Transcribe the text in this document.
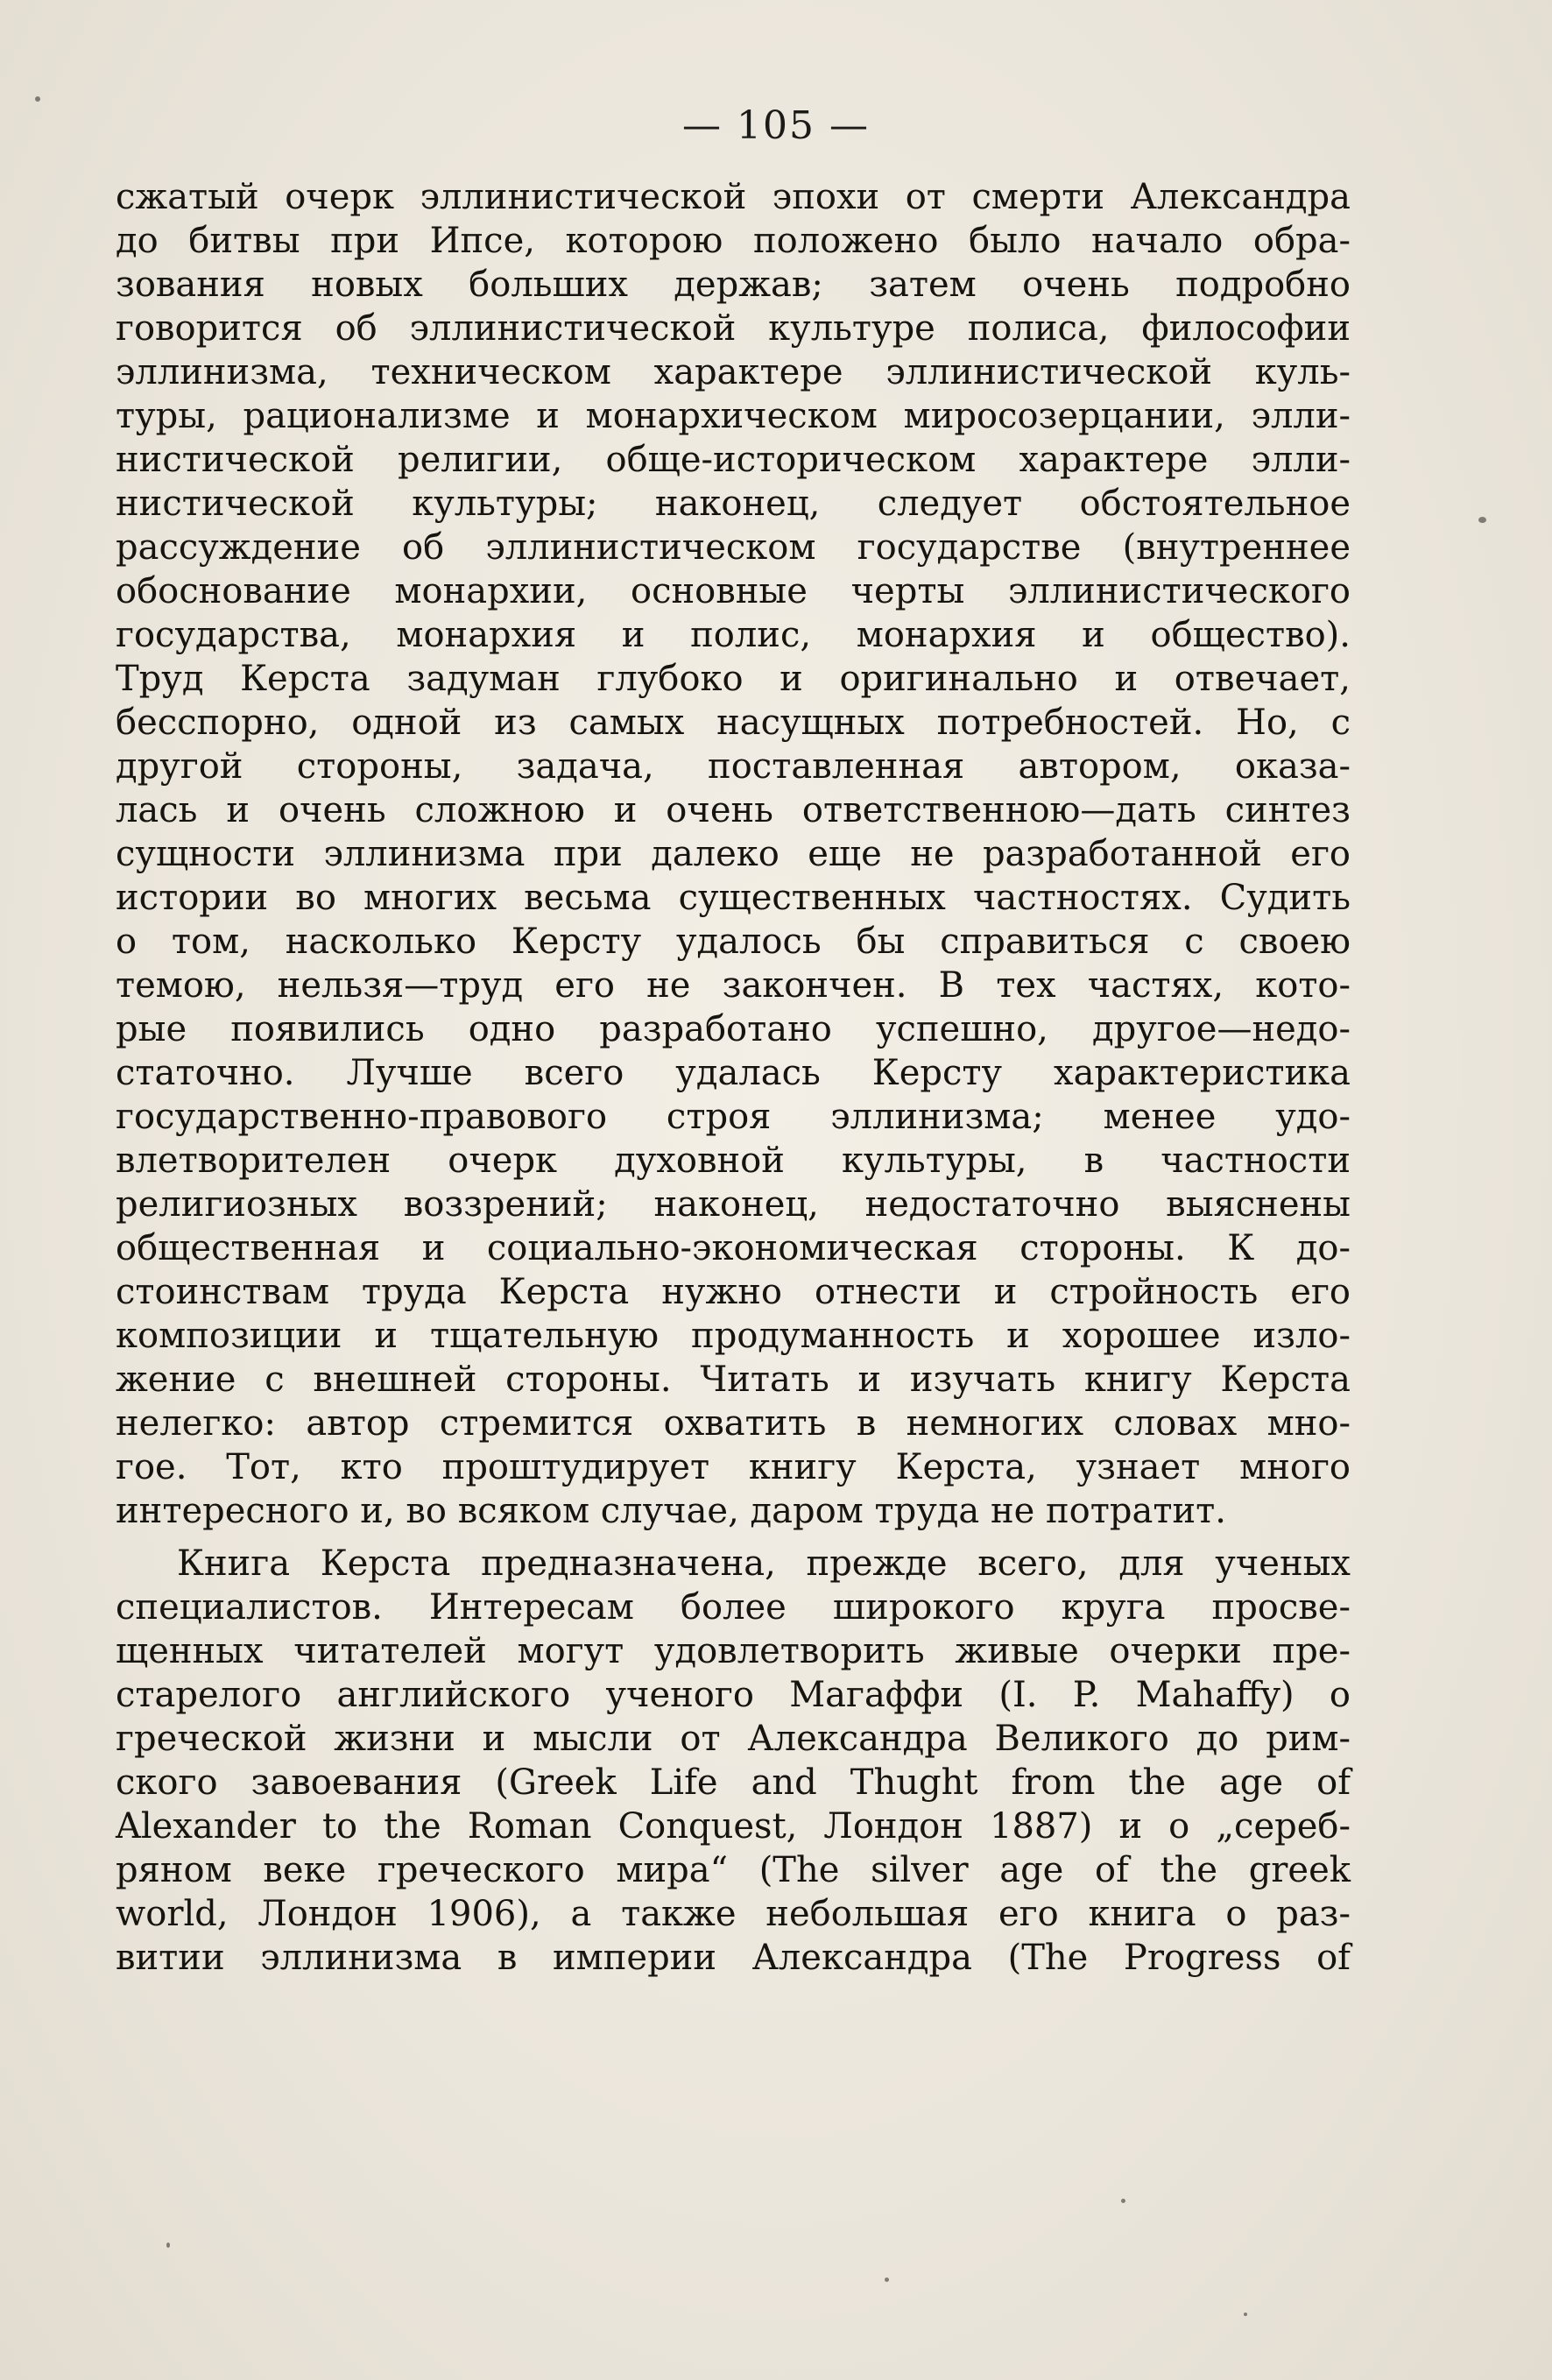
— 105 —
сжатый очерк эллинистической эпохи от смерти Александра
до битвы при Ипсе, которою положено было начало обра-
зования новых больших держав; затем очень подробно
говорится об эллинистической культуре полиса, философии
эллинизма, техническом характере эллинистической куль-
туры, рационализме и монархическом миросозерцании, элли-
нистической религии, обще-историческом характере элли-
нистической культуры; наконец, следует обстоятельное
рассуждение об эллинистическом государстве (внутреннее
обоснование монархии, основные черты эллинистического
государства, монархия и полис, монархия и общество).
Труд Керста задуман глубоко и оригинально и отвечает,
бесспорно, одной из самых насущных потребностей. Но, с
другой стороны, задача, поставленная автором, оказа-
лась и очень сложною и очень ответственною—дать синтез
сущности эллинизма при далеко еще не разработанной его
истории во многих весьма существенных частностях. Судить
о том, насколько Керсту удалось бы справиться с своею
темою, нельзя—труд его не закончен. В тех частях, кото-
рые появились одно разработано успешно, другое—недо-
статочно. Лучше всего удалась Керсту характеристика
государственно-правового строя эллинизма; менее удо-
влетворителен очерк духовной культуры, в частности
религиозных воззрений; наконец, недостаточно выяснены
общественная и социально-экономическая стороны. К до-
стоинствам труда Керста нужно отнести и стройность его
композиции и тщательную продуманность и хорошее изло-
жение с внешней стороны. Читать и изучать книгу Керста
нелегко: автор стремится охватить в немногих словах мно-
гое. Тот, кто проштудирует книгу Керста, узнает много
интересного и, во всяком случае, даром труда не потратит.
Книга Керста предназначена, прежде всего, для ученых
специалистов. Интересам более широкого круга просве-
щенных читателей могут удовлетворить живые очерки пре-
старелого английского ученого Магаффи (I. P. Mahaffy) о
греческой жизни и мысли от Александра Великого до рим-
ского завоевания (Greek Life and Thught from the age of
Alexander to the Roman Conquest, Лондон 1887) и о „сереб-
ряном веке греческого мира“ (The silver age of the greek
world, Лондон 1906), а также небольшая его книга о раз-
витии эллинизма в империи Александра (The Progress of
